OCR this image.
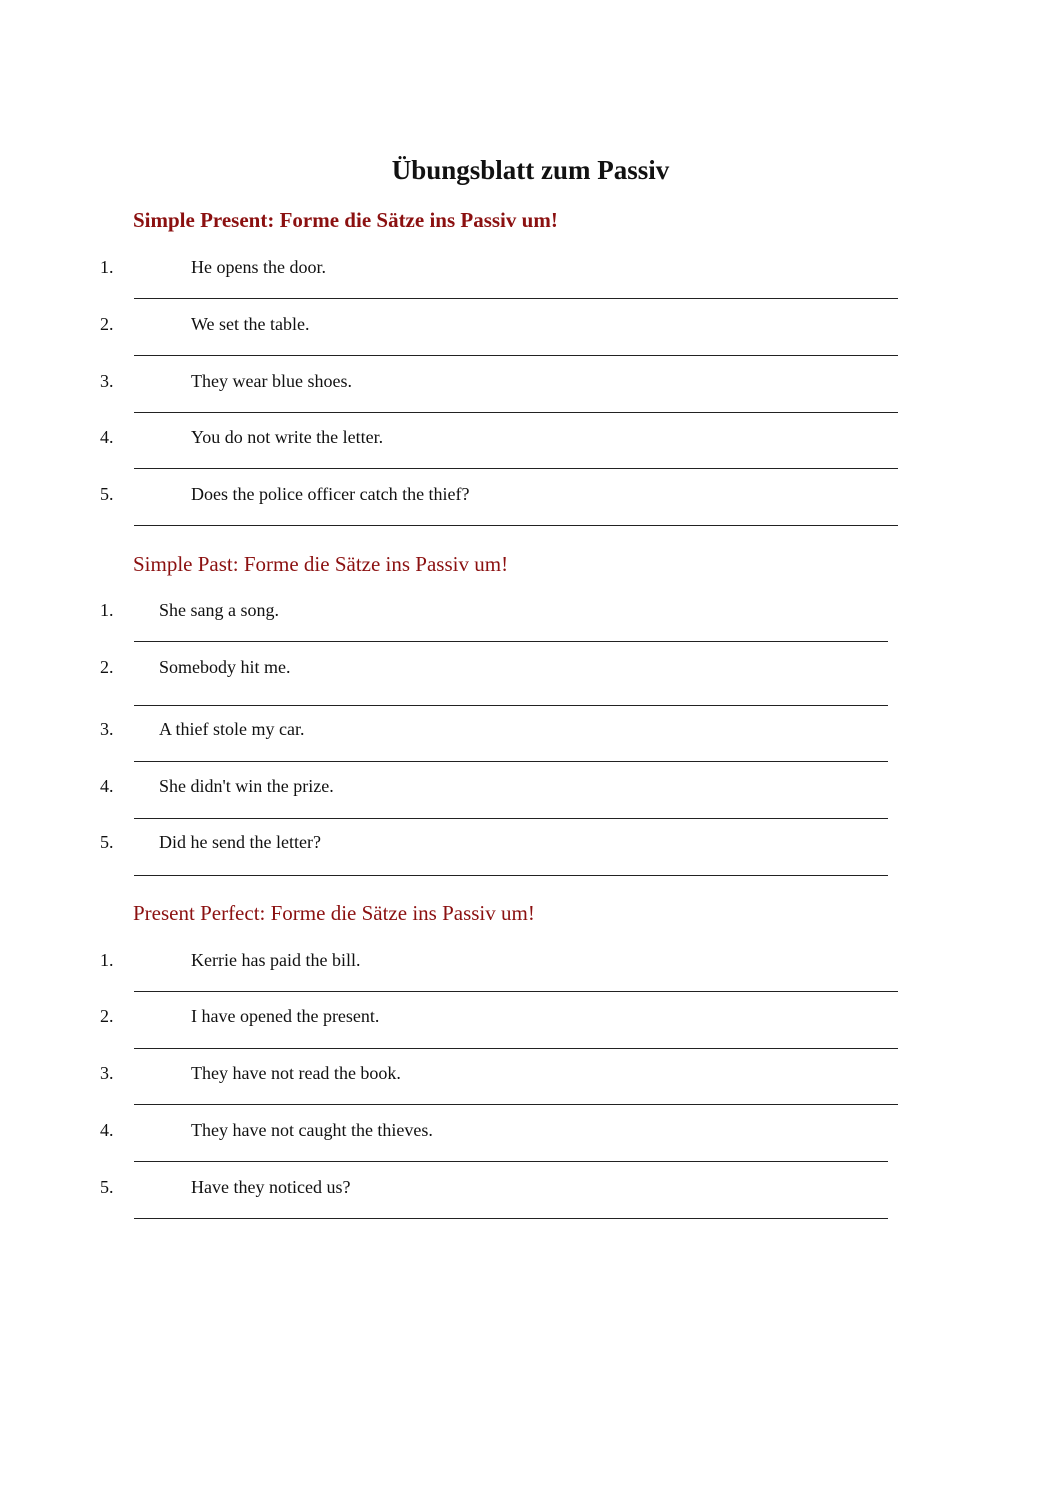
Übungsblatt zum Passiv
Simple Present: Forme die Sätze ins Passiv um!
1.	He opens the door.
2.	We set the table.
3.	They wear blue shoes.
4.	You do not write the letter.
5.	Does the police officer catch the thief?
Simple Past: Forme die Sätze ins Passiv um!
1.	She sang a song.
2.	Somebody hit me.
3.	A thief stole my car.
4.	She didn't win the prize.
5.	Did he send the letter?
Present Perfect: Forme die Sätze ins Passiv um!
1.	Kerrie has paid the bill.
2.	I have opened the present.
3.	They have not read the book.
4.	They have not caught the thieves.
5.	Have they noticed us?
